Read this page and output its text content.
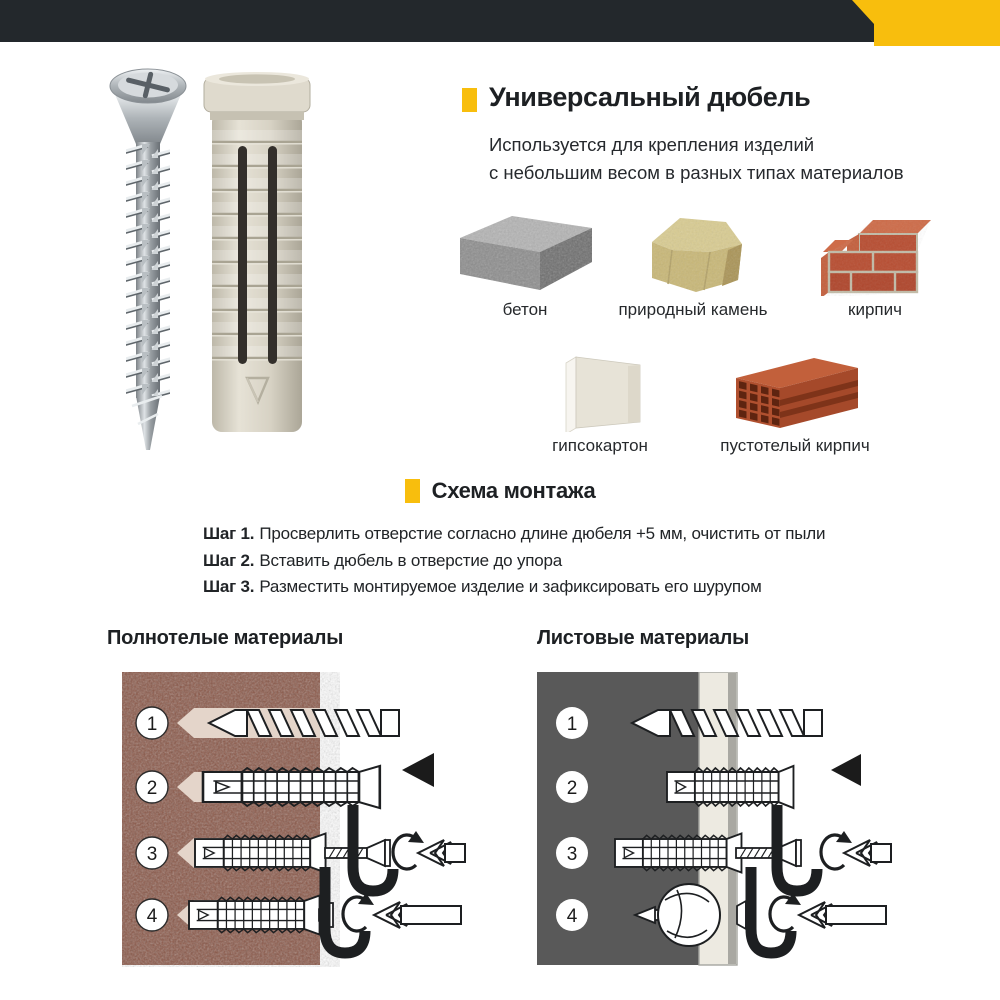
Универсальный дюбель
Используется для крепления изделий
с небольшим весом в разных типах материалов
бетон	природный камень	кирпич
гипсокартон	пустотелый кирпич
Схема монтажа
Шаг 1. Просверлить отверстие согласно длине дюбеля +5 мм, очистить от пыли
Шаг 2. Вставить дюбель в отверстие до упора
Шаг 3. Разместить монтируемое изделие и зафиксировать его шурупом
Полнотелые материалы	Листовые материалы
1
2
3
4
1
2
3
4
